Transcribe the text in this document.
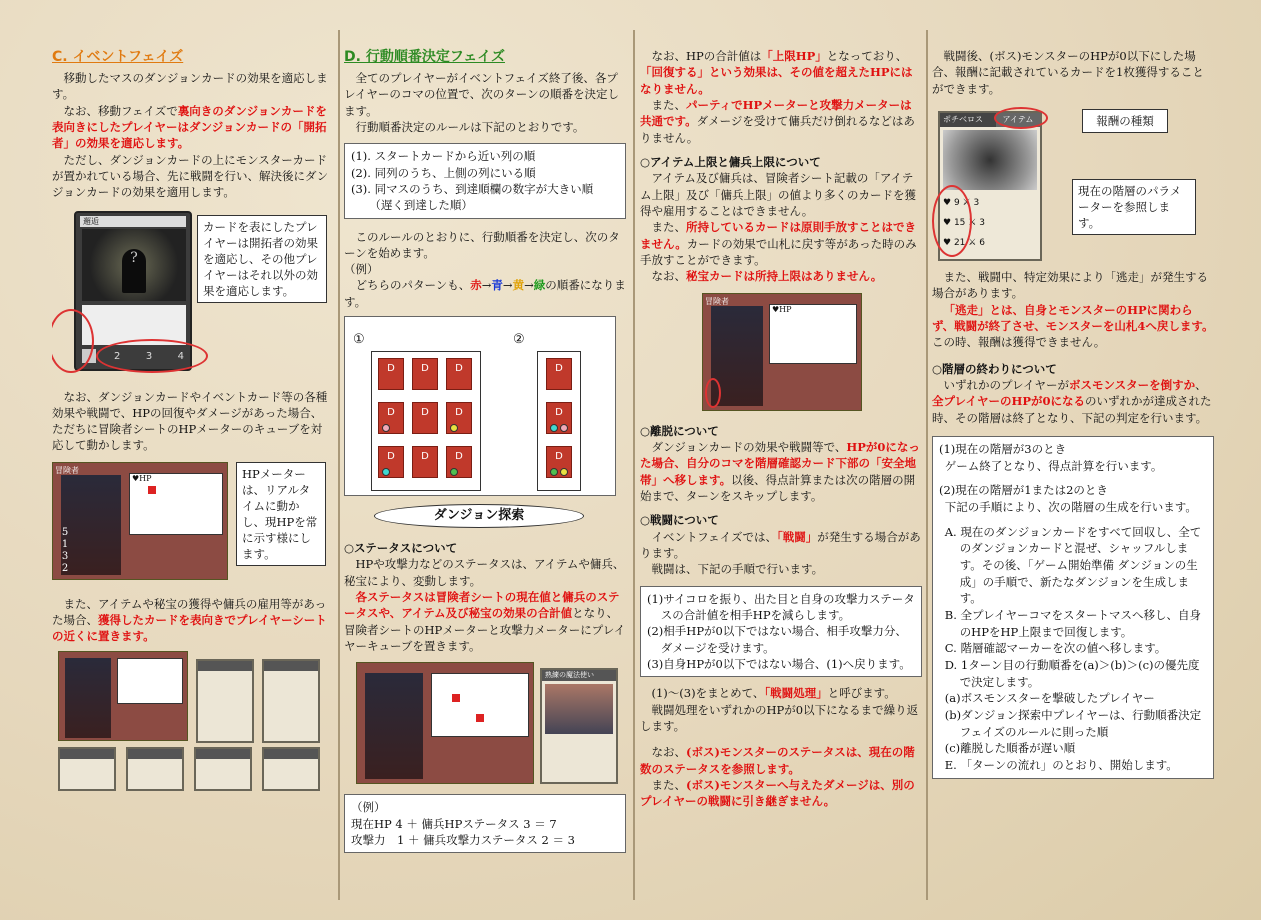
C. イベントフェイズ

移動したマスのダンジョンカードの効果を適応します。

なお、移動フェイズで裏向きのダンジョンカードを表向きにしたプレイヤーはダンジョンカードの「開拓者」の効果を適応します。

ただし、ダンジョンカードの上にモンスターカードが置かれている場合、先に戦闘を行い、解決後にダンジョンカードの効果を適用します。

邂逅
?
2	3	4
カードを表にしたプレイヤーは開拓者の効果を適応し、その他プレイヤーはそれ以外の効果を適応します。

なお、ダンジョンカードやイベントカード等の各種効果や戦闘で、HPの回復やダメージがあった場合、ただちに冒険者シートのHPメーターのキューブを対応して動かします。

冒険者
♥HP
5
1
3
2
HPメーターは、リアルタイムに動かし、現HPを常に示す様にします。

また、アイテムや秘宝の獲得や傭兵の雇用等があった場合、獲得したカードを表向きでプレイヤーシートの近くに置きます。

D. 行動順番決定フェイズ

全てのプレイヤーがイベントフェイズ終了後、各プレイヤーのコマの位置で、次のターンの順番を決定します。

行動順番決定のルールは下記のとおりです。

(1). スタートカードから近い列の順
(2). 同列のうち、上側の列にいる順
(3). 同マスのうち、到達順欄の数字が大きい順
（遅く到達した順）

このルールのとおりに、行動順番を決定し、次のターンを始めます。

（例）

どちらのパターンも、赤→青→黄→緑の順番になります。

①	②
D	D	D
D	D	D
D	D	D
D
D
D
ダンジョン探索
○ステータスについて

HPや攻撃力などのステータスは、アイテムや傭兵、秘宝により、変動します。

各ステータスは冒険者シートの現在値と傭兵のステータスや、アイテム及び秘宝の効果の合計値となり、冒険者シートのHPメーターと攻撃力メーターにプレイヤーキューブを置きます。

熟練の魔法使い
（例）
現在HP 4 ＋ 傭兵HPステータス 3 ＝ 7
攻撃力　1 ＋ 傭兵攻撃力ステータス 2 ＝ 3

なお、HPの合計値は「上限HP」となっており、「回復する」という効果は、その値を超えたHPにはなりません。

また、パーティでHPメーターと攻撃力メーターは共通です。ダメージを受けて傭兵だけ倒れるなどはありません。

○アイテム上限と傭兵上限について

アイテム及び傭兵は、冒険者シート記載の「アイテム上限」及び「傭兵上限」の値より多くのカードを獲得や雇用することはできません。

また、所持しているカードは原則手放すことはできません。カードの効果で山札に戻す等があった時のみ手放すことができます。

なお、秘宝カードは所持上限はありません。

冒険者
♥HP
○離脱について

ダンジョンカードの効果や戦闘等で、HPが0になった場合、自分のコマを階層確認カード下部の「安全地帯」へ移します。以後、得点計算または次の階層の開始まで、ターンをスキップします。

○戦闘について

イベントフェイズでは、「戦闘」が発生する場合があります。

戦闘は、下記の手順で行います。

(1)サイコロを振り、出た目と自身の攻撃力ステータスの合計値を相手HPを減らします。
(2)相手HPが0以下ではない場合、相手攻撃力分、ダメージを受けます。
(3)自身HPが0以下ではない場合、(1)へ戻ります。

(1)～(3)をまとめて、「戦闘処理」と呼びます。

戦闘処理をいずれかのHPが0以下になるまで繰り返します。

なお、(ボス)モンスターのステータスは、現在の階数のステータスを参照します。

また、(ボス)モンスターへ与えたダメージは、別のプレイヤーの戦闘に引き継ぎません。

戦闘後、(ボス)モンスターのHPが0以下にした場合、報酬に記載されているカードを1枚獲得することができます。

ポチベロス	アイテム
♥ 9 ⚔ 3
♥ 15 ⚔ 3
♥ 21 ⚔ 6
報酬の種類
現在の階層のパラメーターを参照します。

また、戦闘中、特定効果により「逃走」が発生する場合があります。

「逃走」とは、自身とモンスターのHPに関わらず、戦闘が終了させ、モンスターを山札4へ戻します。この時、報酬は獲得できません。

○階層の終わりについて

いずれかのプレイヤーがボスモンスターを倒すか、全プレイヤーのHPが0になるのいずれかが達成された時、その階層は終了となり、下記の判定を行います。

(1)現在の階層が3のとき
ゲーム終了となり、得点計算を行います。
(2)現在の階層が1または2のとき
下記の手順により、次の階層の生成を行います。
A. 現在のダンジョンカードをすべて回収し、全てのダンジョンカードと混ぜ、シャッフルします。その後、「ゲーム開始準備 ダンジョンの生成」の手順で、新たなダンジョンを生成します。
B. 全プレイヤーコマをスタートマスへ移し、自身のHPをHP上限まで回復します。
C. 階層確認マーカーを次の値へ移します。
D. 1ターン目の行動順番を(a)＞(b)＞(c)の優先度で決定します。
(a)ボスモンスターを撃破したプレイヤー
(b)ダンジョン探索中プレイヤーは、行動順番決定フェイズのルールに則った順
(c)離脱した順番が遅い順
E. 「ターンの流れ」のとおり、開始します。
